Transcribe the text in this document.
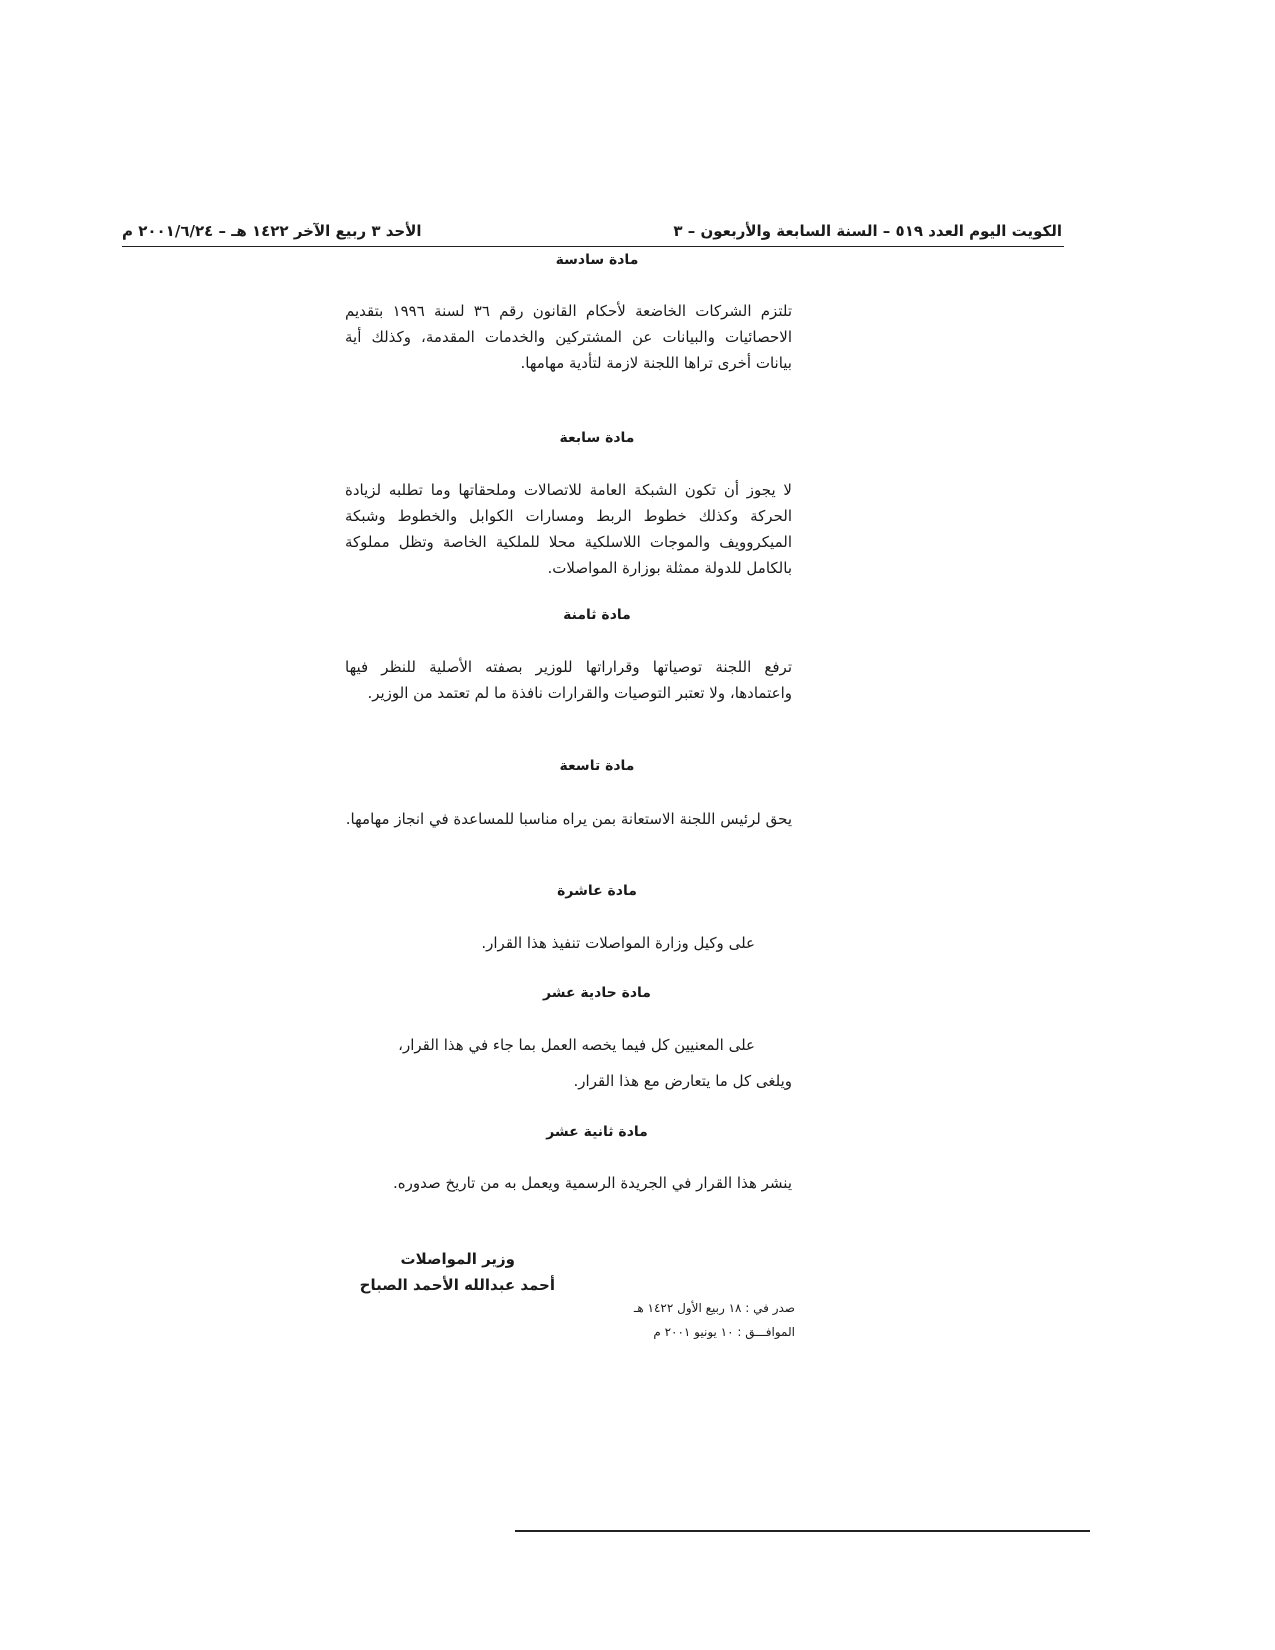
الكويت اليوم العدد ٥١٩ – السنة السابعة والأربعون – ٣
الأحد ٣ ربيع الآخر ١٤٢٢ هـ – ٢٠٠١/٦/٢٤ م
مادة سادسة
تلتزم الشركات الخاضعة لأحكام القانون رقم ٣٦ لسنة ١٩٩٦ بتقديم الاحصائيات والبيانات عن المشتركين والخدمات المقدمة، وكذلك أية بيانات أخرى تراها اللجنة لازمة لتأدية مهامها.
مادة سابعة
لا يجوز أن تكون الشبكة العامة للاتصالات وملحقاتها وما تطلبه لزيادة الحركة وكذلك خطوط الربط ومسارات الكوابل والخطوط وشبكة الميكروويف والموجات اللاسلكية محلا للملكية الخاصة وتظل مملوكة بالكامل للدولة ممثلة بوزارة المواصلات.
مادة ثامنة
ترفع اللجنة توصياتها وقراراتها للوزير بصفته الأصلية للنظر فيها واعتمادها، ولا تعتبر التوصيات والقرارات نافذة ما لم تعتمد من الوزير.
مادة تاسعة
يحق لرئيس اللجنة الاستعانة بمن يراه مناسبا للمساعدة في انجاز مهامها.
مادة عاشرة
على وكيل وزارة المواصلات تنفيذ هذا القرار.
مادة حادية عشر
على المعنيين كل فيما يخصه العمل بما جاء في هذا القرار،
ويلغى كل ما يتعارض مع هذا القرار.
مادة ثانية عشر
ينشر هذا القرار في الجريدة الرسمية ويعمل به من تاريخ صدوره.
وزير المواصلات
أحمد عبدالله الأحمد الصباح
صدر في : ١٨ ربيع الأول ١٤٢٢ هـ
الموافـــق : ١٠ يونيو ٢٠٠١ م
